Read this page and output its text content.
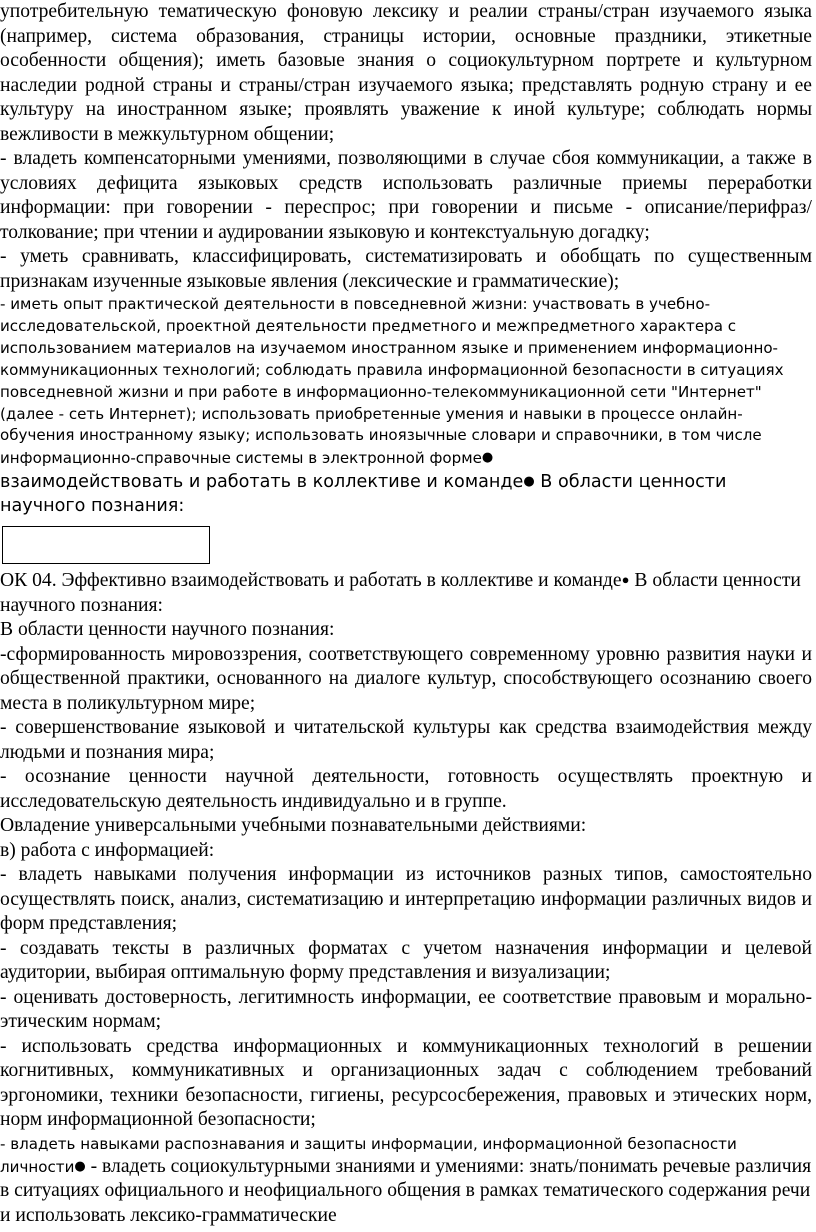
употребительную тематическую фоновую лексику и реалии страны/стран изучаемого языка (например, система образования, страницы истории, основные праздники, этикетные особенности общения); иметь базовые знания о социокультурном портрете и культурном наследии родной страны и страны/стран изучаемого языка; представлять родную страну и ее культуру на иностранном языке; проявлять уважение к иной культуре; соблюдать нормы вежливости в межкультурном общении;

- владеть компенсаторными умениями, позволяющими в случае сбоя коммуникации, а также в условиях дефицита языковых средств использовать различные приемы переработки информации: при говорении - переспрос; при говорении и письме - описание/перифраз/толкование; при чтении и аудировании языковую и контекстуальную догадку;

- уметь сравнивать, классифицировать, систематизировать и обобщать по существенным признакам изученные языковые явления (лексические и грамматические);

- иметь опыт практической деятельности в повседневной жизни: участвовать в учебно-исследовательской, проектной деятельности предметного и межпредметного характера с использованием материалов на изучаемом иностранном языке и применением информационно-коммуникационных технологий; соблюдать правила информационной безопасности в ситуациях повседневной жизни и при работе в информационно-телекоммуникационной сети "Интернет" (далее - сеть Интернет); использовать приобретенные умения и навыки в процессе онлайн-обучения иностранному языку; использовать иноязычные словари и справочники, в том числе информационно-справочные системы в электронной форме●

взаимодействовать и работать в коллективе и команде● В области ценности научного познания:

ОК 04. Эффективно взаимодействовать и работать в коллективе и команде● В области ценности научного познания:

В области ценности научного познания:

-сформированность мировоззрения, соответствующего современному уровню развития науки и общественной практики, основанного на диалоге культур, способствующего осознанию своего места в поликультурном мире;

- совершенствование языковой и читательской культуры как средства взаимодействия между людьми и познания мира;

- осознание ценности научной деятельности, готовность осуществлять проектную и исследовательскую деятельность индивидуально и в группе.

Овладение универсальными учебными познавательными действиями:

в) работа с информацией:

- владеть навыками получения информации из источников разных типов, самостоятельно осуществлять поиск, анализ, систематизацию и интерпретацию информации различных видов и форм представления;

- создавать тексты в различных форматах с учетом назначения информации и целевой аудитории, выбирая оптимальную форму представления и визуализации;

- оценивать достоверность, легитимность информации, ее соответствие правовым и морально-этическим нормам;

- использовать средства информационных и коммуникационных технологий в решении когнитивных, коммуникативных и организационных задач с соблюдением требований эргономики, техники безопасности, гигиены, ресурсосбережения, правовых и этических норм, норм информационной безопасности;

- владеть навыками распознавания и защиты информации, информационной безопасности личности● - владеть социокультурными знаниями и умениями: знать/понимать речевые различия в ситуациях официального и неофициального общения в рамках тематического содержания речи и использовать лексико-грамматические
